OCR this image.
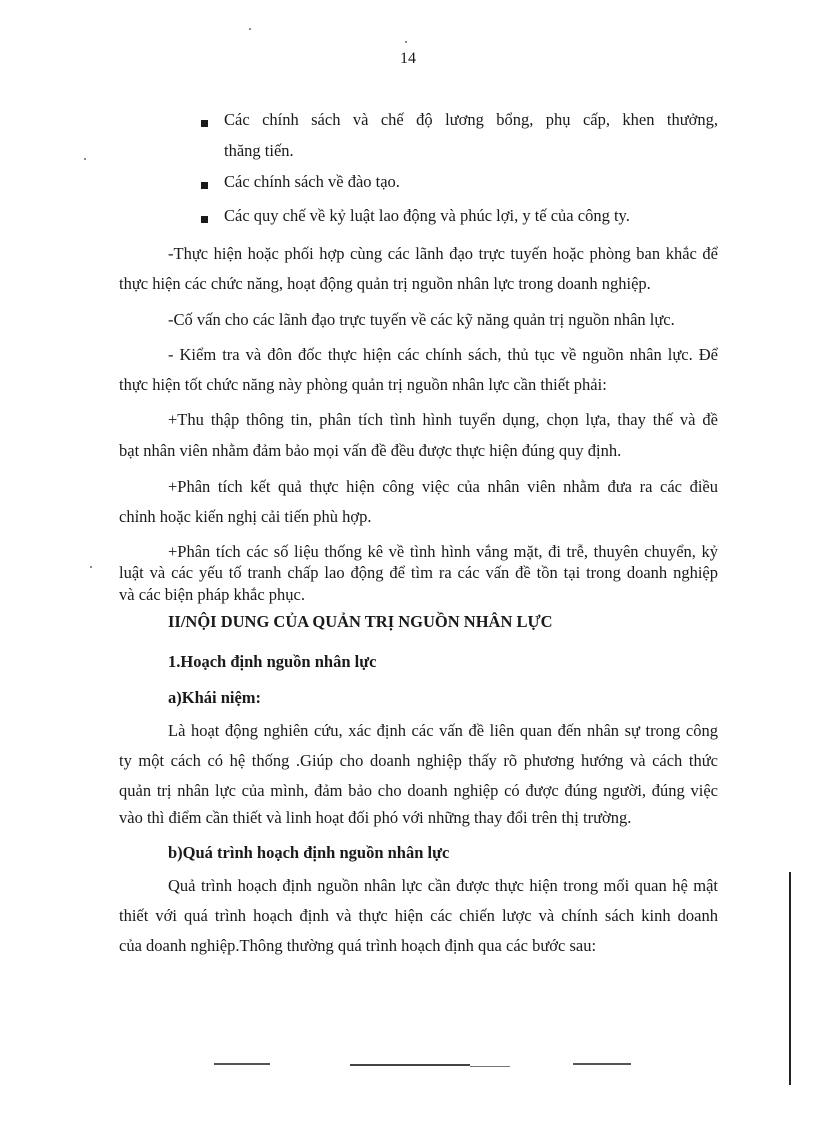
14
Các chính sách và chế độ lương bổng, phụ cấp, khen thưởng,
thăng tiến.
Các chính sách về đào tạo.
Các quy chế về kỷ luật lao động và phúc lợi, y tế của công ty.
-Thực hiện hoặc phối hợp cùng các lãnh đạo trực tuyến hoặc phòng ban khắc để
thực hiện các chức năng, hoạt động quản trị nguồn nhân lực trong doanh nghiệp.
-Cố vấn cho các lãnh đạo trực tuyến về các kỹ năng quản trị nguồn nhân lực.
- Kiểm tra và đôn đốc thực hiện các chính sách, thủ tục về nguồn nhân lực. Để
thực hiện tốt chức năng này phòng quản trị nguồn nhân lực cần thiết phải:
+Thu thập thông tin, phân tích tình hình tuyển dụng, chọn lựa, thay thế và đề
bạt nhân viên nhằm đảm bảo mọi vấn đề đều được thực hiện đúng quy định.
+Phân tích kết quả thực hiện công việc của nhân viên nhằm đưa ra các điều
chỉnh hoặc kiến nghị cải tiến phù hợp.
+Phân tích các số liệu thống kê về tình hình vắng mặt, đi trễ, thuyên chuyển, kỷ
luật và các yếu tố tranh chấp lao động để tìm ra các vấn đề tồn tại trong doanh nghiệp
và các biện pháp khắc phục.
II/NỘI DUNG CỦA QUẢN TRỊ NGUỒN NHÂN LỰC
1.Hoạch định nguồn nhân lực
a)Khái niệm:
Là hoạt động nghiên cứu, xác định các vấn đề liên quan đến nhân sự trong công
ty một cách có hệ thống .Giúp cho doanh nghiệp thấy rõ phương hướng và cách thức
quản trị nhân lực của mình, đảm bảo cho doanh nghiệp có được đúng người, đúng việc
vào thì điểm cần thiết và linh hoạt đối phó với những thay đổi trên thị trường.
b)Quá trình hoạch định nguồn nhân lực
Quả trình hoạch định nguồn nhân lực cần được thực hiện trong mối quan hệ mật
thiết với quá trình hoạch định và thực hiện các chiến lược và chính sách kinh doanh
của doanh nghiệp.Thông thường quá trình hoạch định qua các bước sau:
